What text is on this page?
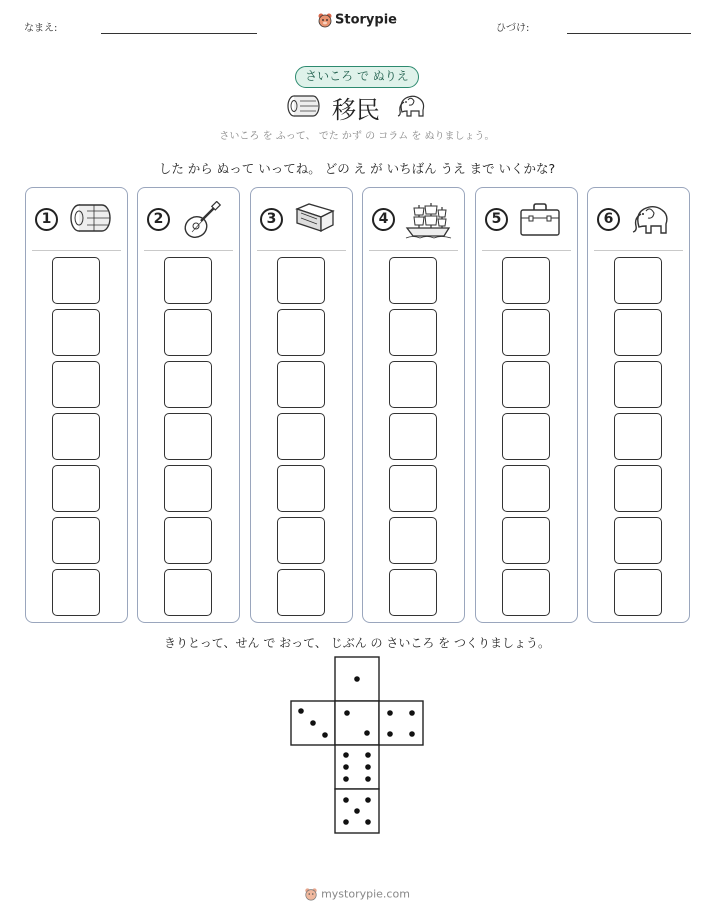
なまえ:
Storypie
ひづけ:
さいころ で ぬりえ
移民
さいころ を ふって、 でた かず の コラム を ぬりましょう。
した から ぬって いってね。 どの え が いちばん うえ まで いくかな?
1	2	3	4	5	6
きりとって、せん で おって、 じぶん の さいころ を つくりましょう。
mystorypie.com
